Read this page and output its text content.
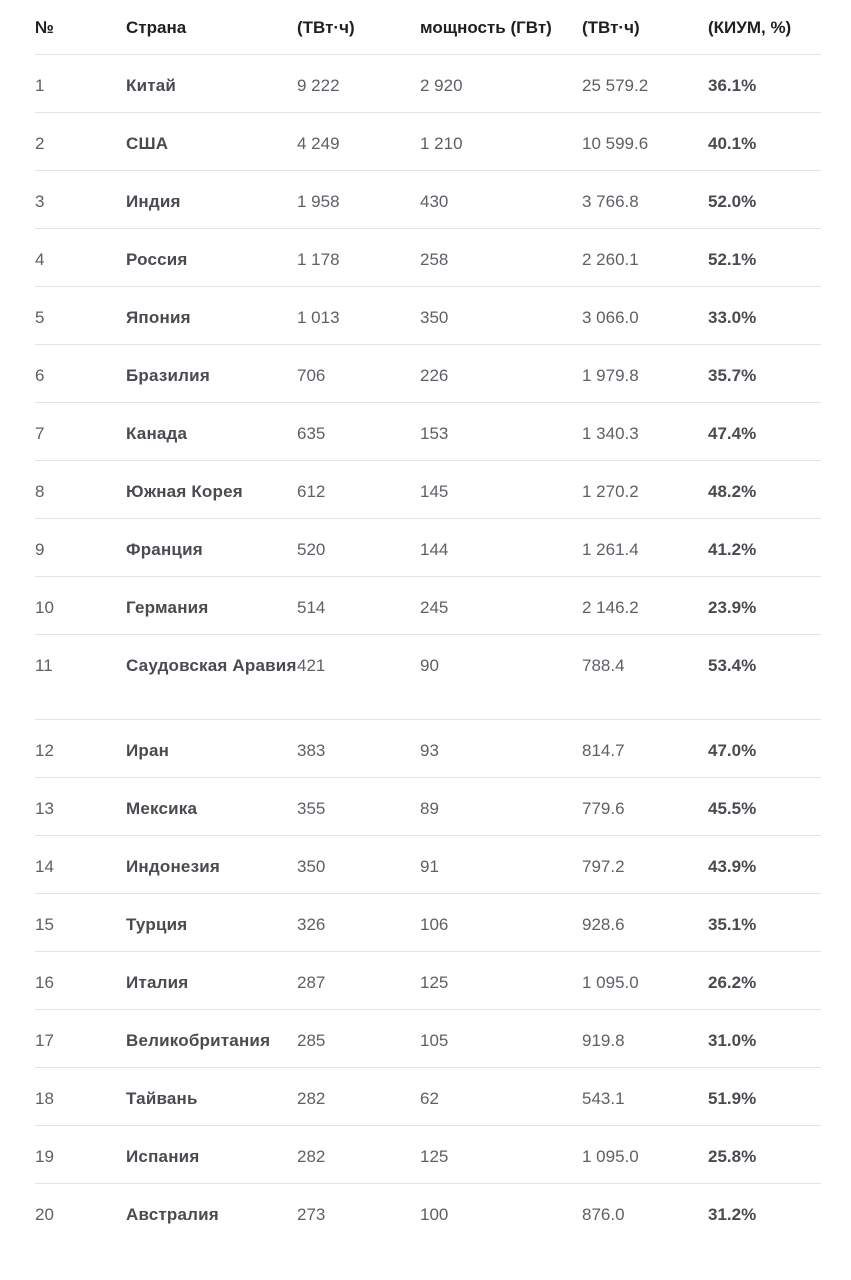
№	Страна	(ТВт·ч)	мощность (ГВт)	(ТВт·ч)	(КИУМ, %)
1	Китай	9 222	2 920	25 579.2	36.1%
2	США	4 249	1 210	10 599.6	40.1%
3	Индия	1 958	430	3 766.8	52.0%
4	Россия	1 178	258	2 260.1	52.1%
5	Япония	1 013	350	3 066.0	33.0%
6	Бразилия	706	226	1 979.8	35.7%
7	Канада	635	153	1 340.3	47.4%
8	Южная Корея	612	145	1 270.2	48.2%
9	Франция	520	144	1 261.4	41.2%
10	Германия	514	245	2 146.2	23.9%
11	Саудовская Аравия	421	90	788.4	53.4%
12	Иран	383	93	814.7	47.0%
13	Мексика	355	89	779.6	45.5%
14	Индонезия	350	91	797.2	43.9%
15	Турция	326	106	928.6	35.1%
16	Италия	287	125	1 095.0	26.2%
17	Великобритания	285	105	919.8	31.0%
18	Тайвань	282	62	543.1	51.9%
19	Испания	282	125	1 095.0	25.8%
20	Австралия	273	100	876.0	31.2%
